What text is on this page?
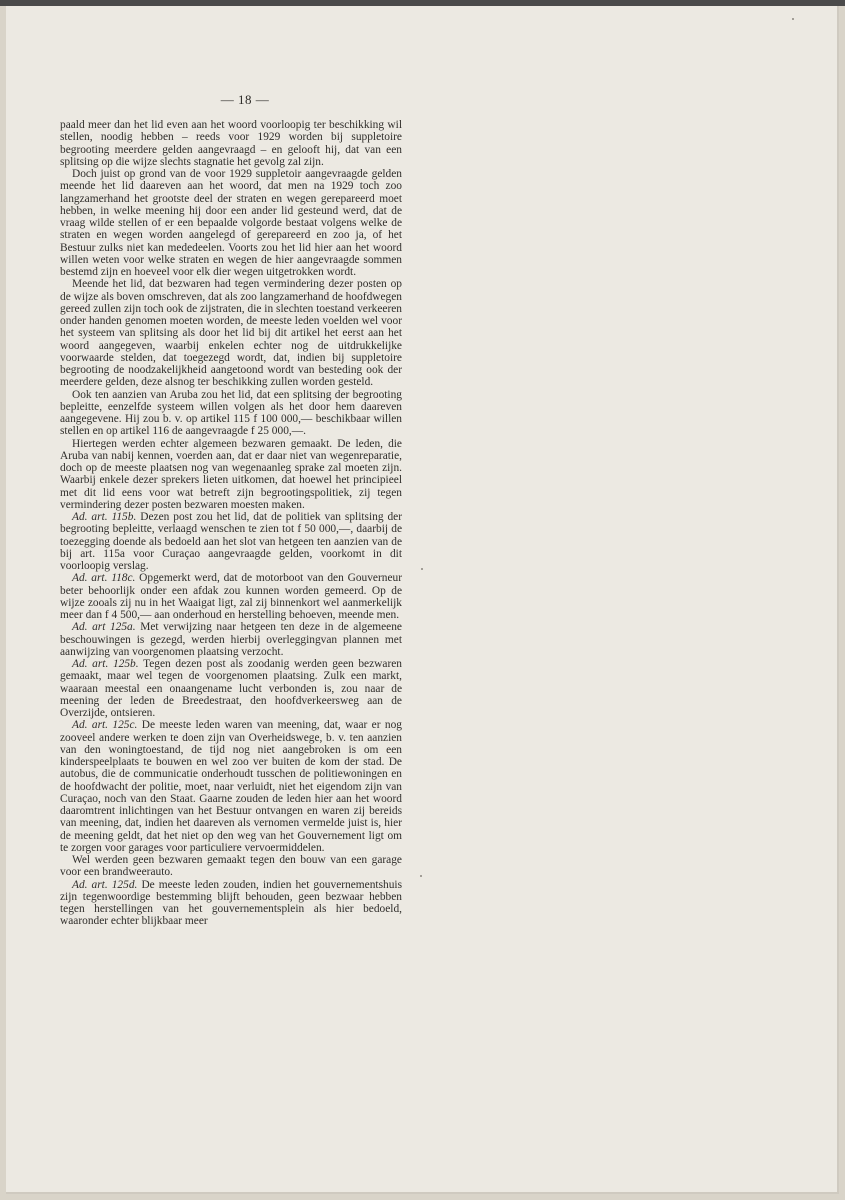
— 18 —

paald meer dan het lid even aan het woord voorloopig ter beschikking wil stellen, noodig hebben – reeds voor 1929 worden bij suppletoire begrooting meerdere gelden aangevraagd – en gelooft hij, dat van een splitsing op die wijze slechts stagnatie het gevolg zal zijn.

Doch juist op grond van de voor 1929 suppletoir aangevraagde gelden meende het lid daareven aan het woord, dat men na 1929 toch zoo langzamerhand het grootste deel der straten en wegen gerepareerd moet hebben, in welke meening hij door een ander lid gesteund werd, dat de vraag wilde stellen of er een bepaalde volgorde bestaat volgens welke de straten en wegen worden aangelegd of gerepareerd en zoo ja, of het Bestuur zulks niet kan mededeelen. Voorts zou het lid hier aan het woord willen weten voor welke straten en wegen de hier aangevraagde sommen bestemd zijn en hoeveel voor elk dier wegen uitgetrokken wordt.

Meende het lid, dat bezwaren had tegen vermindering dezer posten op de wijze als boven omschreven, dat als zoo langzamerhand de hoofdwegen gereed zullen zijn toch ook de zijstraten, die in slechten toestand verkeeren onder handen genomen moeten worden, de meeste leden voelden wel voor het systeem van splitsing als door het lid bij dit artikel het eerst aan het woord aangegeven, waarbij enkelen echter nog de uitdrukkelijke voorwaarde stelden, dat toegezegd wordt, dat, indien bij suppletoire begrooting de noodzakelijkheid aangetoond wordt van besteding ook der meerdere gelden, deze alsnog ter beschikking zullen worden gesteld.

Ook ten aanzien van Aruba zou het lid, dat een splitsing der begrooting bepleitte, eenzelfde systeem willen volgen als het door hem daareven aangegevene. Hij zou b. v. op artikel 115 f 100 000,— beschikbaar willen stellen en op artikel 116 de aangevraagde f 25 000,—.

Hiertegen werden echter algemeen bezwaren gemaakt. De leden, die Aruba van nabij kennen, voerden aan, dat er daar niet van wegenreparatie, doch op de meeste plaatsen nog van wegenaanleg sprake zal moeten zijn. Waarbij enkele dezer sprekers lieten uitkomen, dat hoewel het principieel met dit lid eens voor wat betreft zijn begrootingspolitiek, zij tegen vermindering dezer posten bezwaren moesten maken.

Ad. art. 115b. Dezen post zou het lid, dat de politiek van splitsing der begrooting bepleitte, verlaagd wenschen te zien tot f 50 000,—, daarbij de toezegging doende als bedoeld aan het slot van hetgeen ten aanzien van de bij art. 115a voor Curaçao aangevraagde gelden, voorkomt in dit voorloopig verslag.

Ad. art. 118c. Opgemerkt werd, dat de motorboot van den Gouverneur beter behoorlijk onder een afdak zou kunnen worden gemeerd. Op de wijze zooals zij nu in het Waaigat ligt, zal zij binnenkort wel aanmerkelijk meer dan f 4 500,— aan onderhoud en herstelling behoeven, meende men.

Ad. art 125a. Met verwijzing naar hetgeen ten deze in de algemeene beschouwingen is gezegd, werden hierbij overleggingvan plannen met aanwijzing van voorgenomen plaatsing verzocht.

Ad. art. 125b. Tegen dezen post als zoodanig werden geen bezwaren gemaakt, maar wel tegen de voorgenomen plaatsing. Zulk een markt, waaraan meestal een onaangename lucht verbonden is, zou naar de meening der leden de Breedestraat, den hoofdverkeersweg aan de Overzijde, ontsieren.

Ad. art. 125c. De meeste leden waren van meening, dat, waar er nog zooveel andere werken te doen zijn van Overheidswege, b. v. ten aanzien van den woningtoestand, de tijd nog niet aangebroken is om een kinderspeelplaats te bouwen en wel zoo ver buiten de kom der stad. De autobus, die de communicatie onderhoudt tusschen de politiewoningen en de hoofdwacht der politie, moet, naar verluidt, niet het eigendom zijn van Curaçao, noch van den Staat. Gaarne zouden de leden hier aan het woord daaromtrent inlichtingen van het Bestuur ontvangen en waren zij bereids van meening, dat, indien het daareven als vernomen vermelde juist is, hier de meening geldt, dat het niet op den weg van het Gouvernement ligt om te zorgen voor garages voor particuliere vervoermiddelen.

Wel werden geen bezwaren gemaakt tegen den bouw van een garage voor een brandweerauto.

Ad. art. 125d. De meeste leden zouden, indien het gouvernementshuis zijn tegenwoordige bestemming blijft behouden, geen bezwaar hebben tegen herstellingen van het gouvernementsplein als hier bedoeld, waaronder echter blijkbaar meer
